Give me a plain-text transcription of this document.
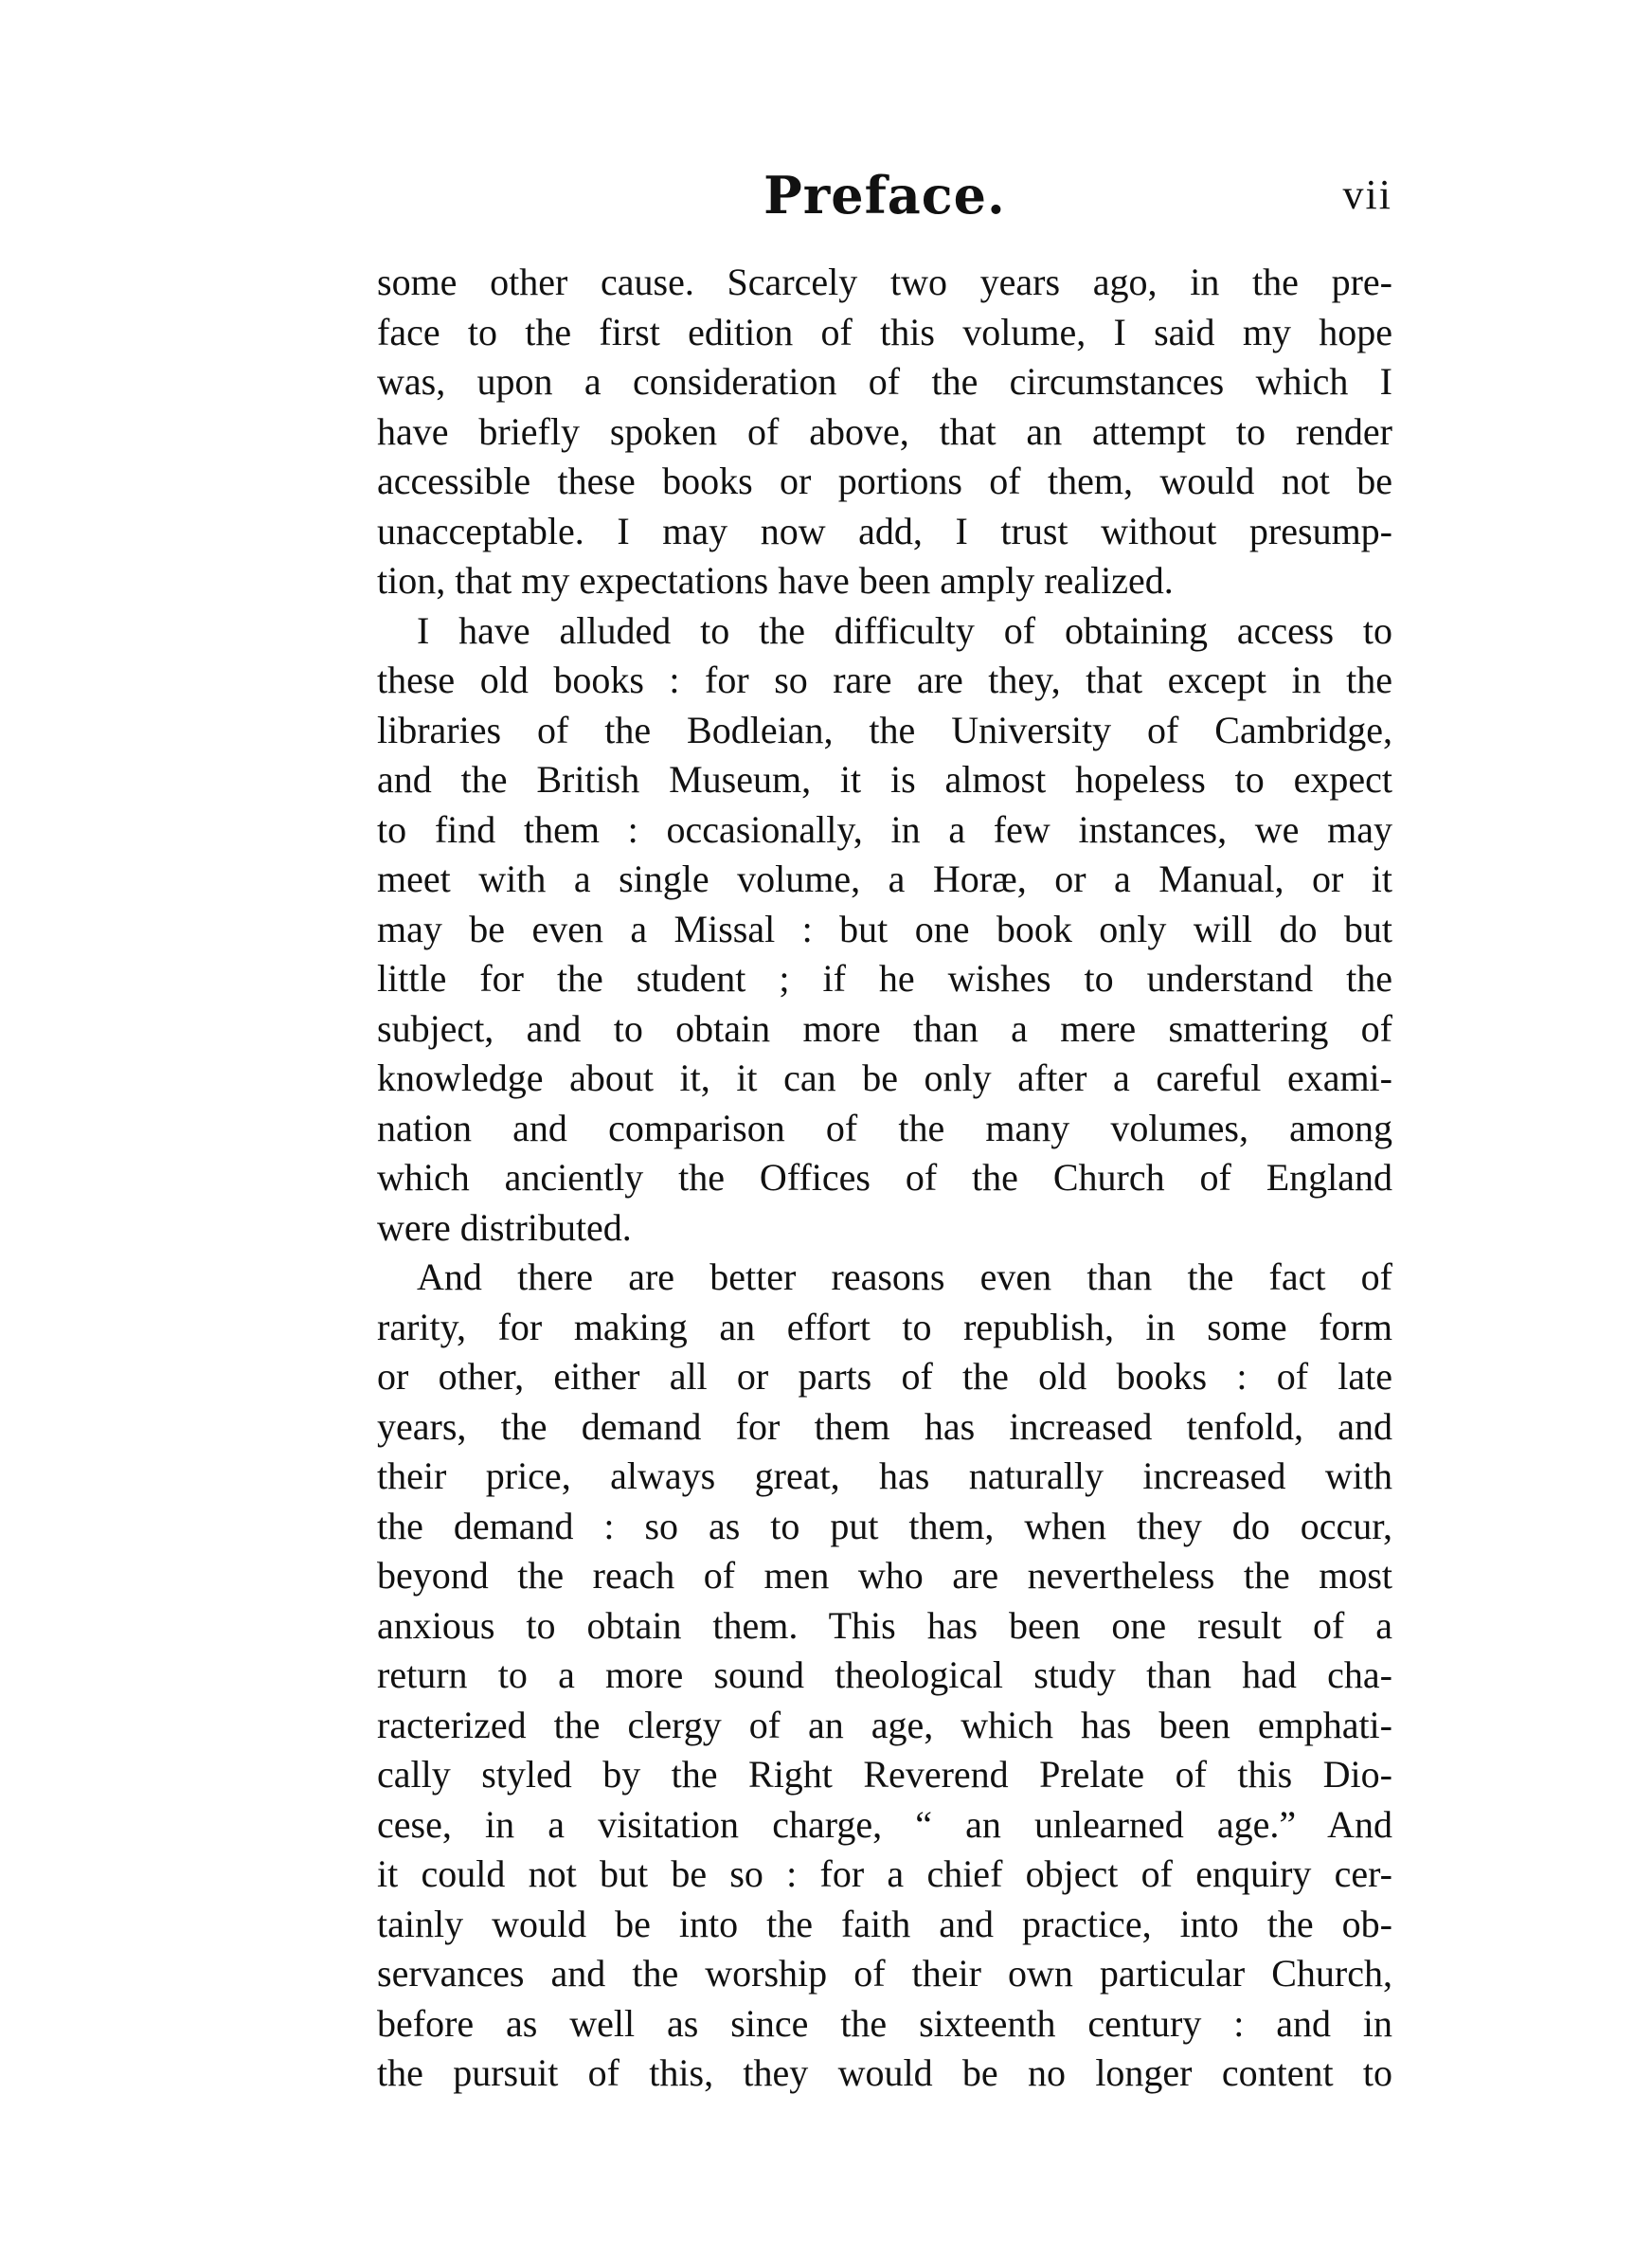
Preface.	vii
some other cause. Scarcely two years ago, in the pre-
face to the first edition of this volume, I said my hope
was, upon a consideration of the circumstances which I
have briefly spoken of above, that an attempt to render
accessible these books or portions of them, would not be
unacceptable. I may now add, I trust without presump-
tion, that my expectations have been amply realized.
I have alluded to the difficulty of obtaining access to
these old books : for so rare are they, that except in the
libraries of the Bodleian, the University of Cambridge,
and the British Museum, it is almost hopeless to expect
to find them : occasionally, in a few instances, we may
meet with a single volume, a Horæ, or a Manual, or it
may be even a Missal : but one book only will do but
little for the student ; if he wishes to understand the
subject, and to obtain more than a mere smattering of
knowledge about it, it can be only after a careful exami-
nation and comparison of the many volumes, among
which anciently the Offices of the Church of England
were distributed.
And there are better reasons even than the fact of
rarity, for making an effort to republish, in some form
or other, either all or parts of the old books : of late
years, the demand for them has increased tenfold, and
their price, always great, has naturally increased with
the demand : so as to put them, when they do occur,
beyond the reach of men who are nevertheless the most
anxious to obtain them. This has been one result of a
return to a more sound theological study than had cha-
racterized the clergy of an age, which has been emphati-
cally styled by the Right Reverend Prelate of this Dio-
cese, in a visitation charge, “ an unlearned age.” And
it could not but be so : for a chief object of enquiry cer-
tainly would be into the faith and practice, into the ob-
servances and the worship of their own particular Church,
before as well as since the sixteenth century : and in
the pursuit of this, they would be no longer content to
